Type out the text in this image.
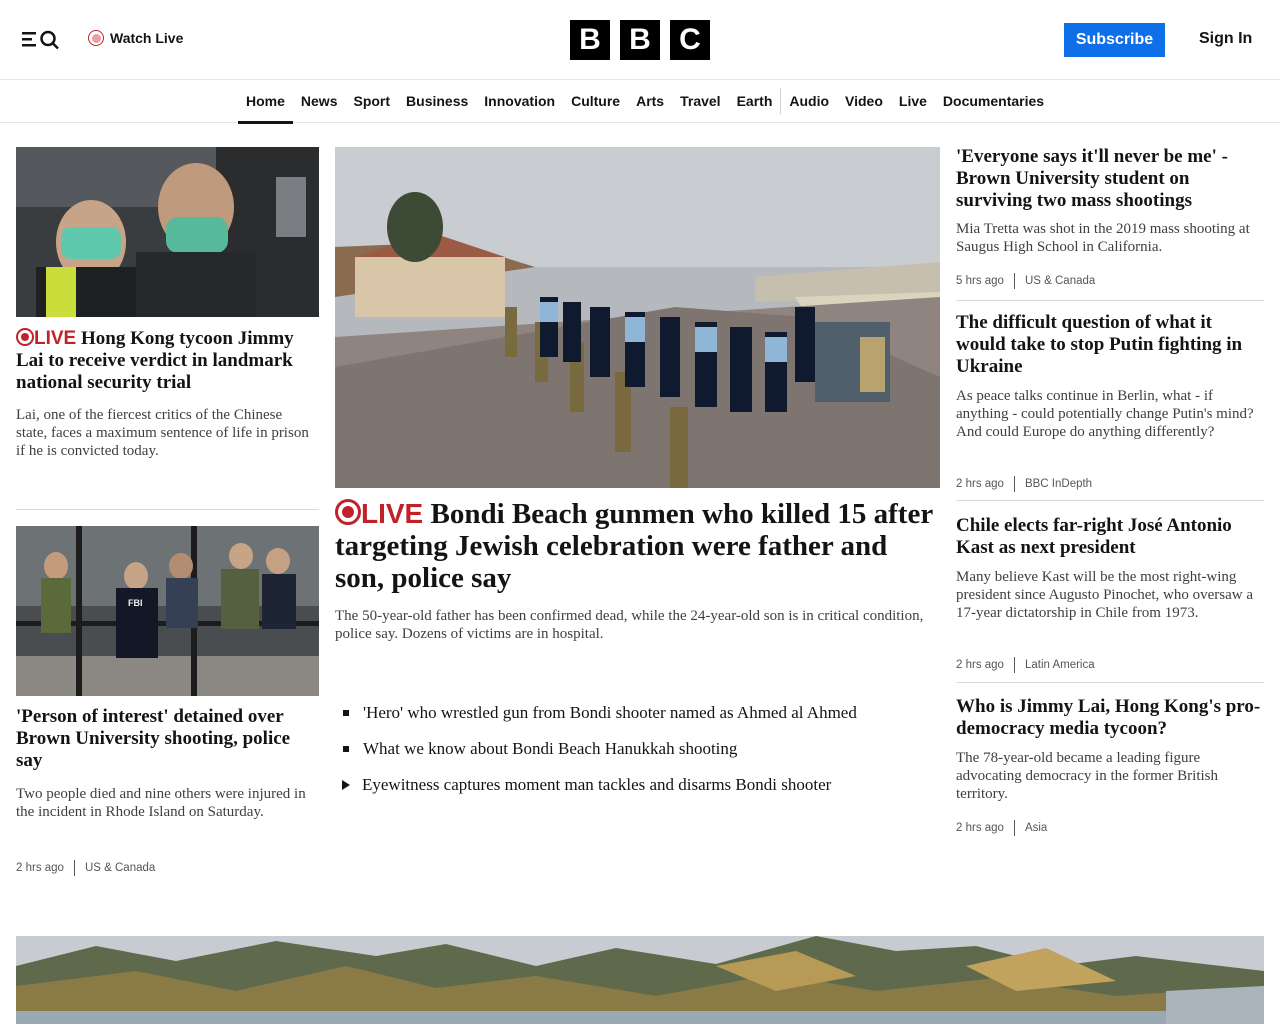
Watch Live	B B C	Subscribe	Sign In
Home	News	Sport	Business	Innovation	Culture	Arts	Travel	Earth	Audio	Video	Live	Documentaries
LIVE Hong Kong tycoon Jimmy Lai to receive verdict in landmark national security trial
Lai, one of the fiercest critics of the Chinese state, faces a maximum sentence of life in prison if he is convicted today.
FBI
'Person of interest' detained over Brown University shooting, police say
Two people died and nine others were injured in the incident in Rhode Island on Saturday.
2 hrs ago US & Canada
LIVE Bondi Beach gunmen who killed 15 after targeting Jewish celebration were father and son, police say
The 50-year-old father has been confirmed dead, while the 24-year-old son is in critical condition, police say. Dozens of victims are in hospital.
'Hero' who wrestled gun from Bondi shooter named as Ahmed al Ahmed
What we know about Bondi Beach Hanukkah shooting
Eyewitness captures moment man tackles and disarms Bondi shooter
'Everyone says it'll never be me' - Brown University student on surviving two mass shootings
Mia Tretta was shot in the 2019 mass shooting at Saugus High School in California.
5 hrs ago US & Canada
The difficult question of what it would take to stop Putin fighting in Ukraine
As peace talks continue in Berlin, what - if anything - could potentially change Putin's mind? And could Europe do anything differently?
2 hrs ago BBC InDepth
Chile elects far-right José Antonio Kast as next president
Many believe Kast will be the most right-wing president since Augusto Pinochet, who oversaw a 17-year dictatorship in Chile from 1973.
2 hrs ago Latin America
Who is Jimmy Lai, Hong Kong's pro-democracy media tycoon?
The 78-year-old became a leading figure advocating democracy in the former British territory.
2 hrs ago Asia
